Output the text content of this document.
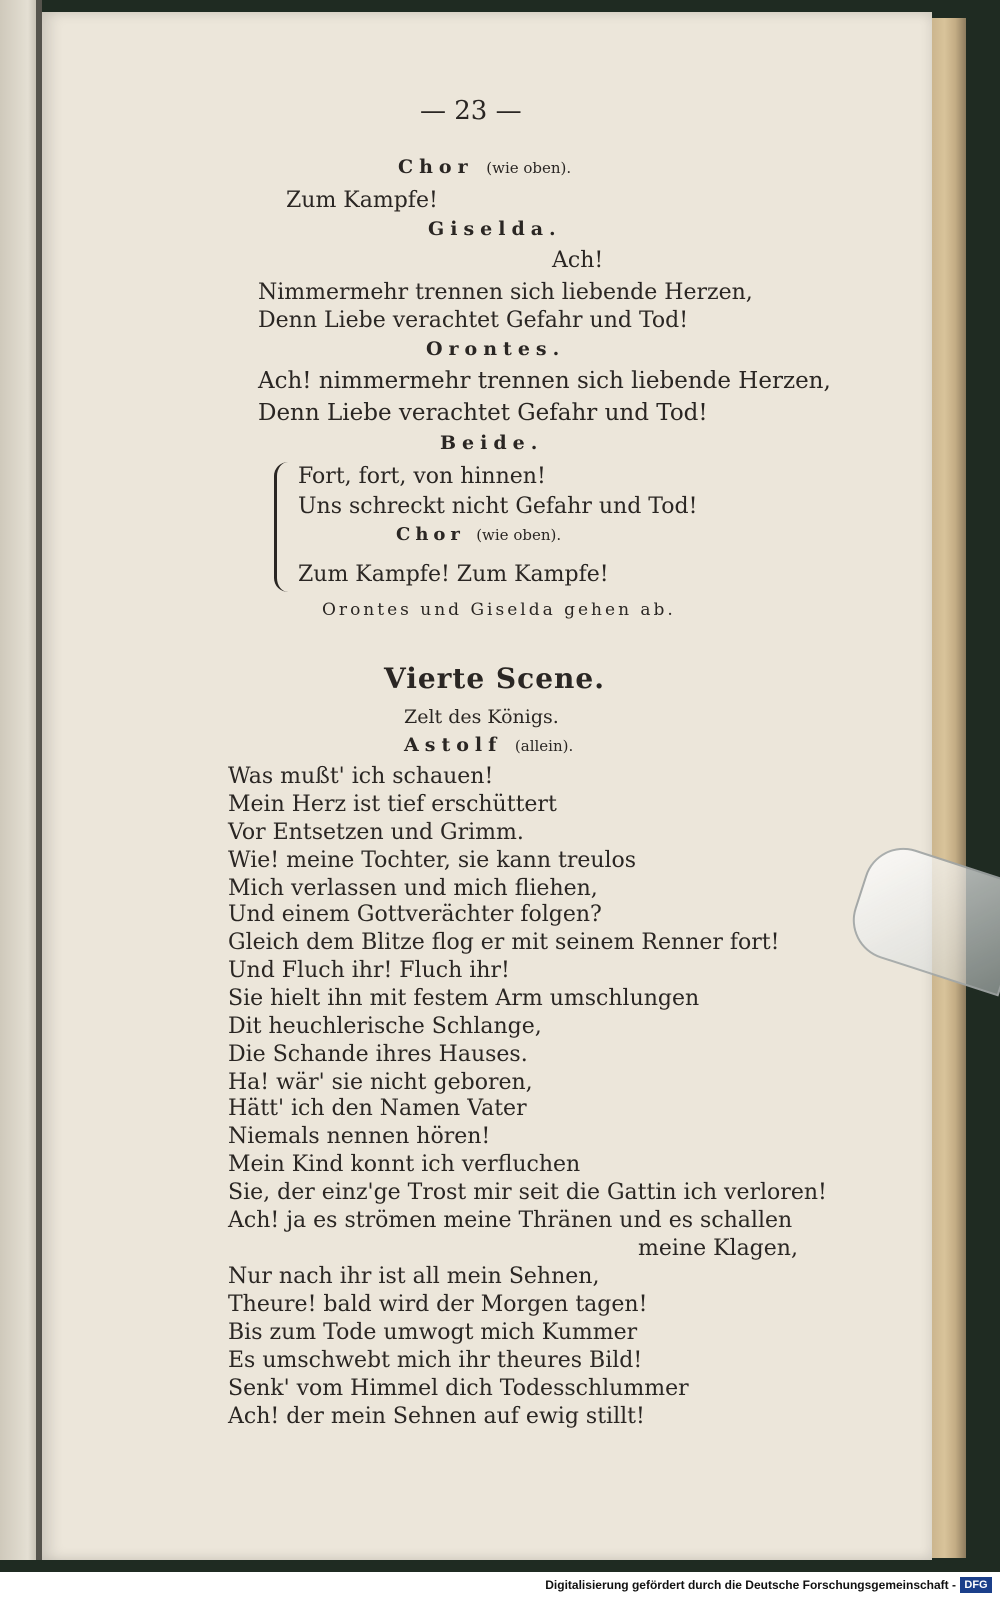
— 23 —
Chor (wie oben).
Zum Kampfe!
Giselda.
Ach!
Nimmermehr trennen sich liebende Herzen,
Denn Liebe verachtet Gefahr und Tod!
Orontes.
Ach! nimmermehr trennen sich liebende Herzen,
Denn Liebe verachtet Gefahr und Tod!
Beide.
Fort, fort, von hinnen!
Uns schreckt nicht Gefahr und Tod!
Chor (wie oben).
Zum Kampfe! Zum Kampfe!
Orontes und Giselda gehen ab.
Vierte Scene.
Zelt des Königs.
Astolf (allein).
Was mußt' ich schauen!
Mein Herz ist tief erschüttert
Vor Entsetzen und Grimm.
Wie! meine Tochter, sie kann treulos
Mich verlassen und mich fliehen,
Und einem Gottverächter folgen?
Gleich dem Blitze flog er mit seinem Renner fort!
Und Fluch ihr! Fluch ihr!
Sie hielt ihn mit festem Arm umschlungen
Dit heuchlerische Schlange,
Die Schande ihres Hauses.
Ha! wär' sie nicht geboren,
Hätt' ich den Namen Vater
Niemals nennen hören!
Mein Kind konnt ich verfluchen
Sie, der einz'ge Trost mir seit die Gattin ich verloren!
Ach! ja es strömen meine Thränen und es schallen
meine Klagen,
Nur nach ihr ist all mein Sehnen,
Theure! bald wird der Morgen tagen!
Bis zum Tode umwogt mich Kummer
Es umschwebt mich ihr theures Bild!
Senk' vom Himmel dich Todesschlummer
Ach! der mein Sehnen auf ewig stillt!
Digitalisierung gefördert durch die Deutsche Forschungsgemeinschaft - DFG
